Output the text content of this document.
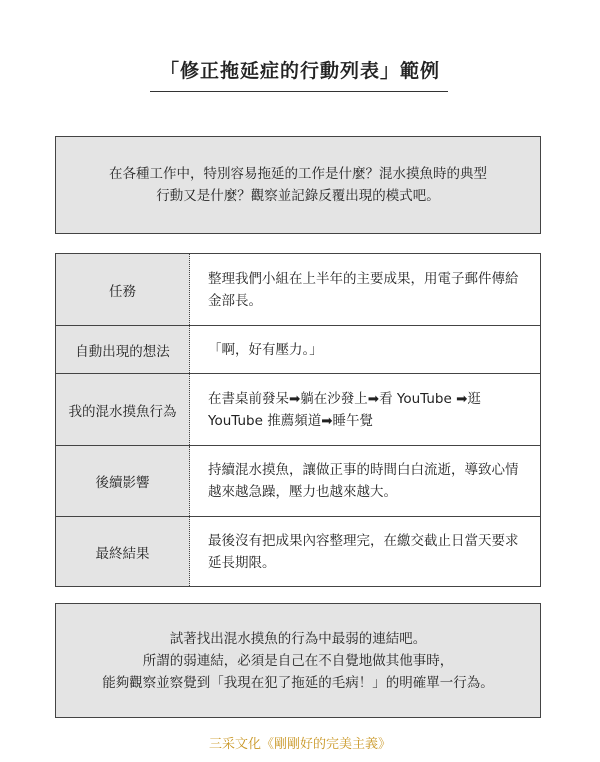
「修正拖延症的行動列表」範例
在各種工作中，特別容易拖延的工作是什麼？混水摸魚時的典型
行動又是什麼？觀察並記錄反覆出現的模式吧。
任務
整理我們小組在上半年的主要成果，用電子郵件傳給金部長。
自動出現的想法	「啊，好有壓力。」
我的混水摸魚行為
在書桌前發呆➡躺在沙發上➡看 YouTube ➡逛 YouTube 推薦頻道➡睡午覺
後續影響
持續混水摸魚，讓做正事的時間白白流逝，導致心情越來越急躁，壓力也越來越大。
最終結果
最後沒有把成果內容整理完，在繳交截止日當天要求延長期限。
試著找出混水摸魚的行為中最弱的連結吧。
所謂的弱連結，必須是自己在不自覺地做其他事時，
能夠觀察並察覺到「我現在犯了拖延的毛病！」的明確單一行為。
三采文化《剛剛好的完美主義》
